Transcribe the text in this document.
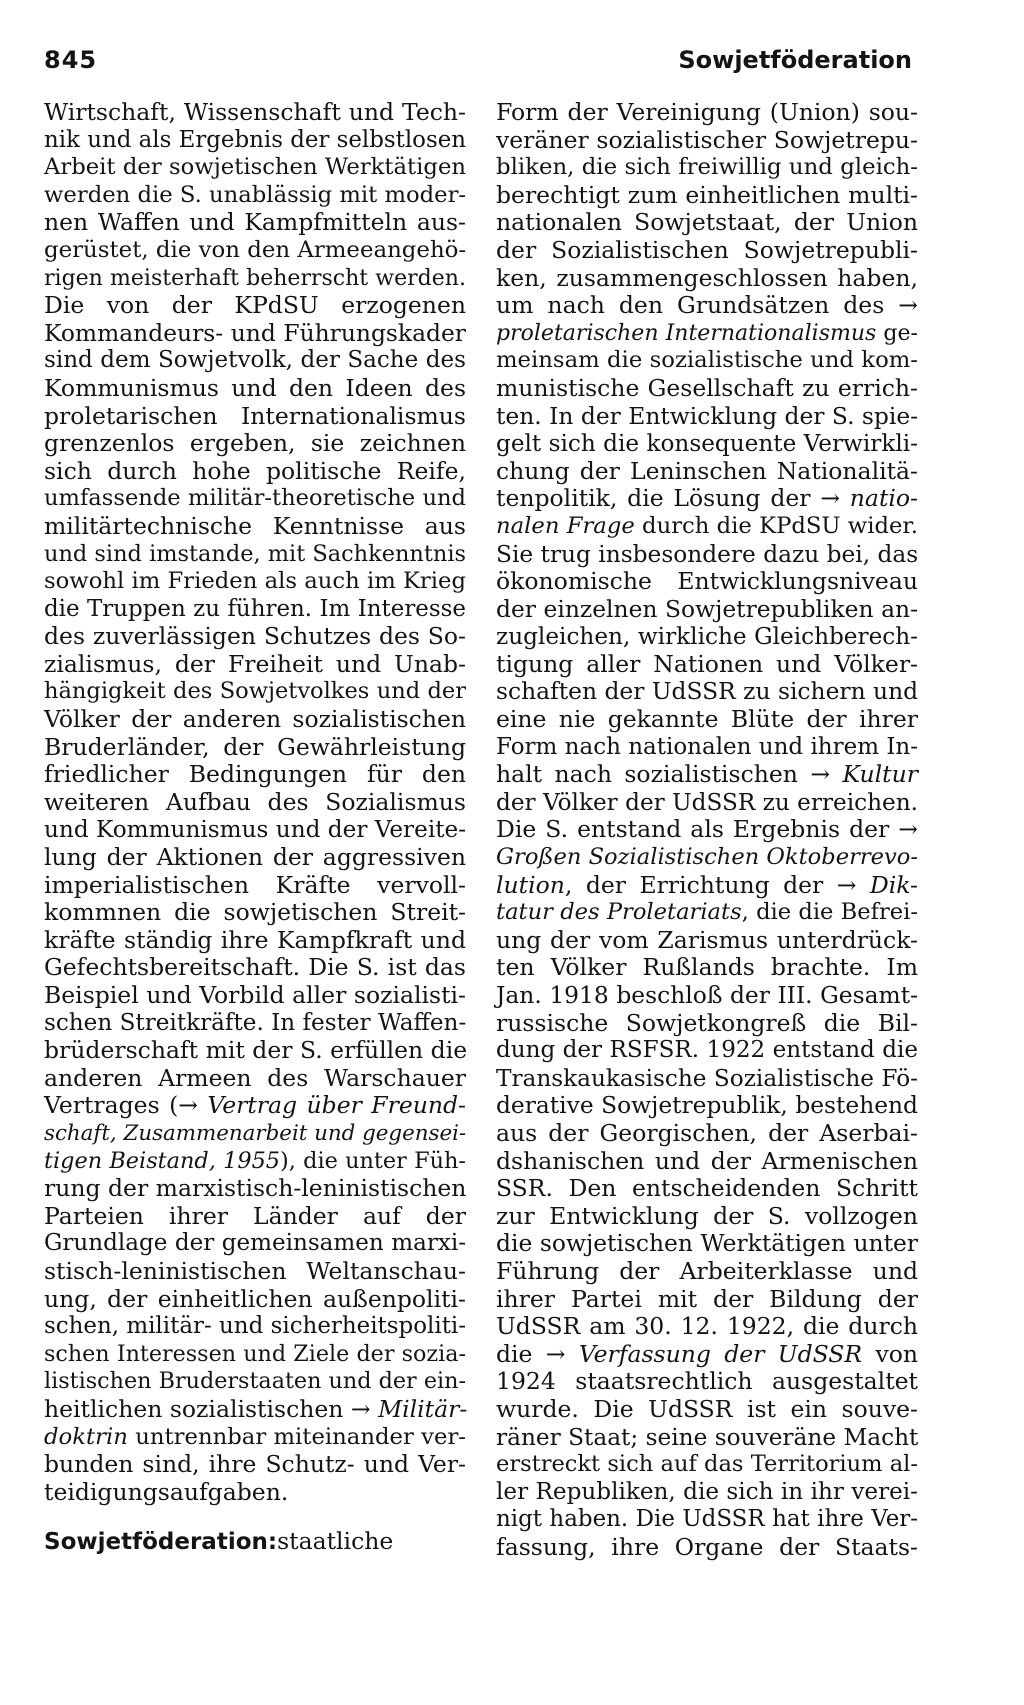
845	Sowjetföderation
Wirtschaft, Wissenschaft und Tech-
nik und als Ergebnis der selbstlosen
Arbeit der sowjetischen Werktätigen
werden die S. unablässig mit moder-
nen Waffen und Kampfmitteln aus-
gerüstet, die von den Armeeangehö-
rigen meisterhaft beherrscht werden.
Die von der KPdSU erzogenen
Kommandeurs- und Führungskader
sind dem Sowjetvolk, der Sache des
Kommunismus und den Ideen des
proletarischen Internationalismus
grenzenlos ergeben, sie zeichnen
sich durch hohe politische Reife,
umfassende militär-theoretische und
militärtechnische Kenntnisse aus
und sind imstande, mit Sachkenntnis
sowohl im Frieden als auch im Krieg
die Truppen zu führen. Im Interesse
des zuverlässigen Schutzes des So-
zialismus, der Freiheit und Unab-
hängigkeit des Sowjetvolkes und der
Völker der anderen sozialistischen
Bruderländer, der Gewährleistung
friedlicher Bedingungen für den
weiteren Aufbau des Sozialismus
und Kommunismus und der Vereite-
lung der Aktionen der aggressiven
imperialistischen Kräfte vervoll-
kommnen die sowjetischen Streit-
kräfte ständig ihre Kampfkraft und
Gefechtsbereitschaft. Die S. ist das
Beispiel und Vorbild aller sozialisti-
schen Streitkräfte. In fester Waffen-
brüderschaft mit der S. erfüllen die
anderen Armeen des Warschauer
Vertrages (→ Vertrag über Freund-
schaft, Zusammenarbeit und gegensei-
tigen Beistand, 1955), die unter Füh-
rung der marxistisch-leninistischen
Parteien ihrer Länder auf der
Grundlage der gemeinsamen marxi-
stisch-leninistischen Weltanschau-
ung, der einheitlichen außenpoliti-
schen, militär- und sicherheitspoliti-
schen Interessen und Ziele der sozia-
listischen Bruderstaaten und der ein-
heitlichen sozialistischen → Militär-
doktrin untrennbar miteinander ver-
bunden sind, ihre Schutz- und Ver-
teidigungsaufgaben.
Sowjetföderation:staatliche
Form der Vereinigung (Union) sou-
veräner sozialistischer Sowjetrepu-
bliken, die sich freiwillig und gleich-
berechtigt zum einheitlichen multi-
nationalen Sowjetstaat, der Union
der Sozialistischen Sowjetrepubli-
ken, zusammengeschlossen haben,
um nach den Grundsätzen des →
proletarischen Internationalismus ge-
meinsam die sozialistische und kom-
munistische Gesellschaft zu errich-
ten. In der Entwicklung der S. spie-
gelt sich die konsequente Verwirkli-
chung der Leninschen Nationalitä-
tenpolitik, die Lösung der → natio-
nalen Frage durch die KPdSU wider.
Sie trug insbesondere dazu bei, das
ökonomische Entwicklungsniveau
der einzelnen Sowjetrepubliken an-
zugleichen, wirkliche Gleichberech-
tigung aller Nationen und Völker-
schaften der UdSSR zu sichern und
eine nie gekannte Blüte der ihrer
Form nach nationalen und ihrem In-
halt nach sozialistischen → Kultur
der Völker der UdSSR zu erreichen.
Die S. entstand als Ergebnis der →
Großen Sozialistischen Oktoberrevo-
lution, der Errichtung der → Dik-
tatur des Proletariats, die die Befrei-
ung der vom Zarismus unterdrück-
ten Völker Rußlands brachte. Im
Jan. 1918 beschloß der III. Gesamt-
russische Sowjetkongreß die Bil-
dung der RSFSR. 1922 entstand die
Transkaukasische Sozialistische Fö-
derative Sowjetrepublik, bestehend
aus der Georgischen, der Aserbai-
dshanischen und der Armenischen
SSR. Den entscheidenden Schritt
zur Entwicklung der S. vollzogen
die sowjetischen Werktätigen unter
Führung der Arbeiterklasse und
ihrer Partei mit der Bildung der
UdSSR am 30. 12. 1922, die durch
die → Verfassung der UdSSR von
1924 staatsrechtlich ausgestaltet
wurde. Die UdSSR ist ein souve-
räner Staat; seine souveräne Macht
erstreckt sich auf das Territorium al-
ler Republiken, die sich in ihr verei-
nigt haben. Die UdSSR hat ihre Ver-
fassung, ihre Organe der Staats-
